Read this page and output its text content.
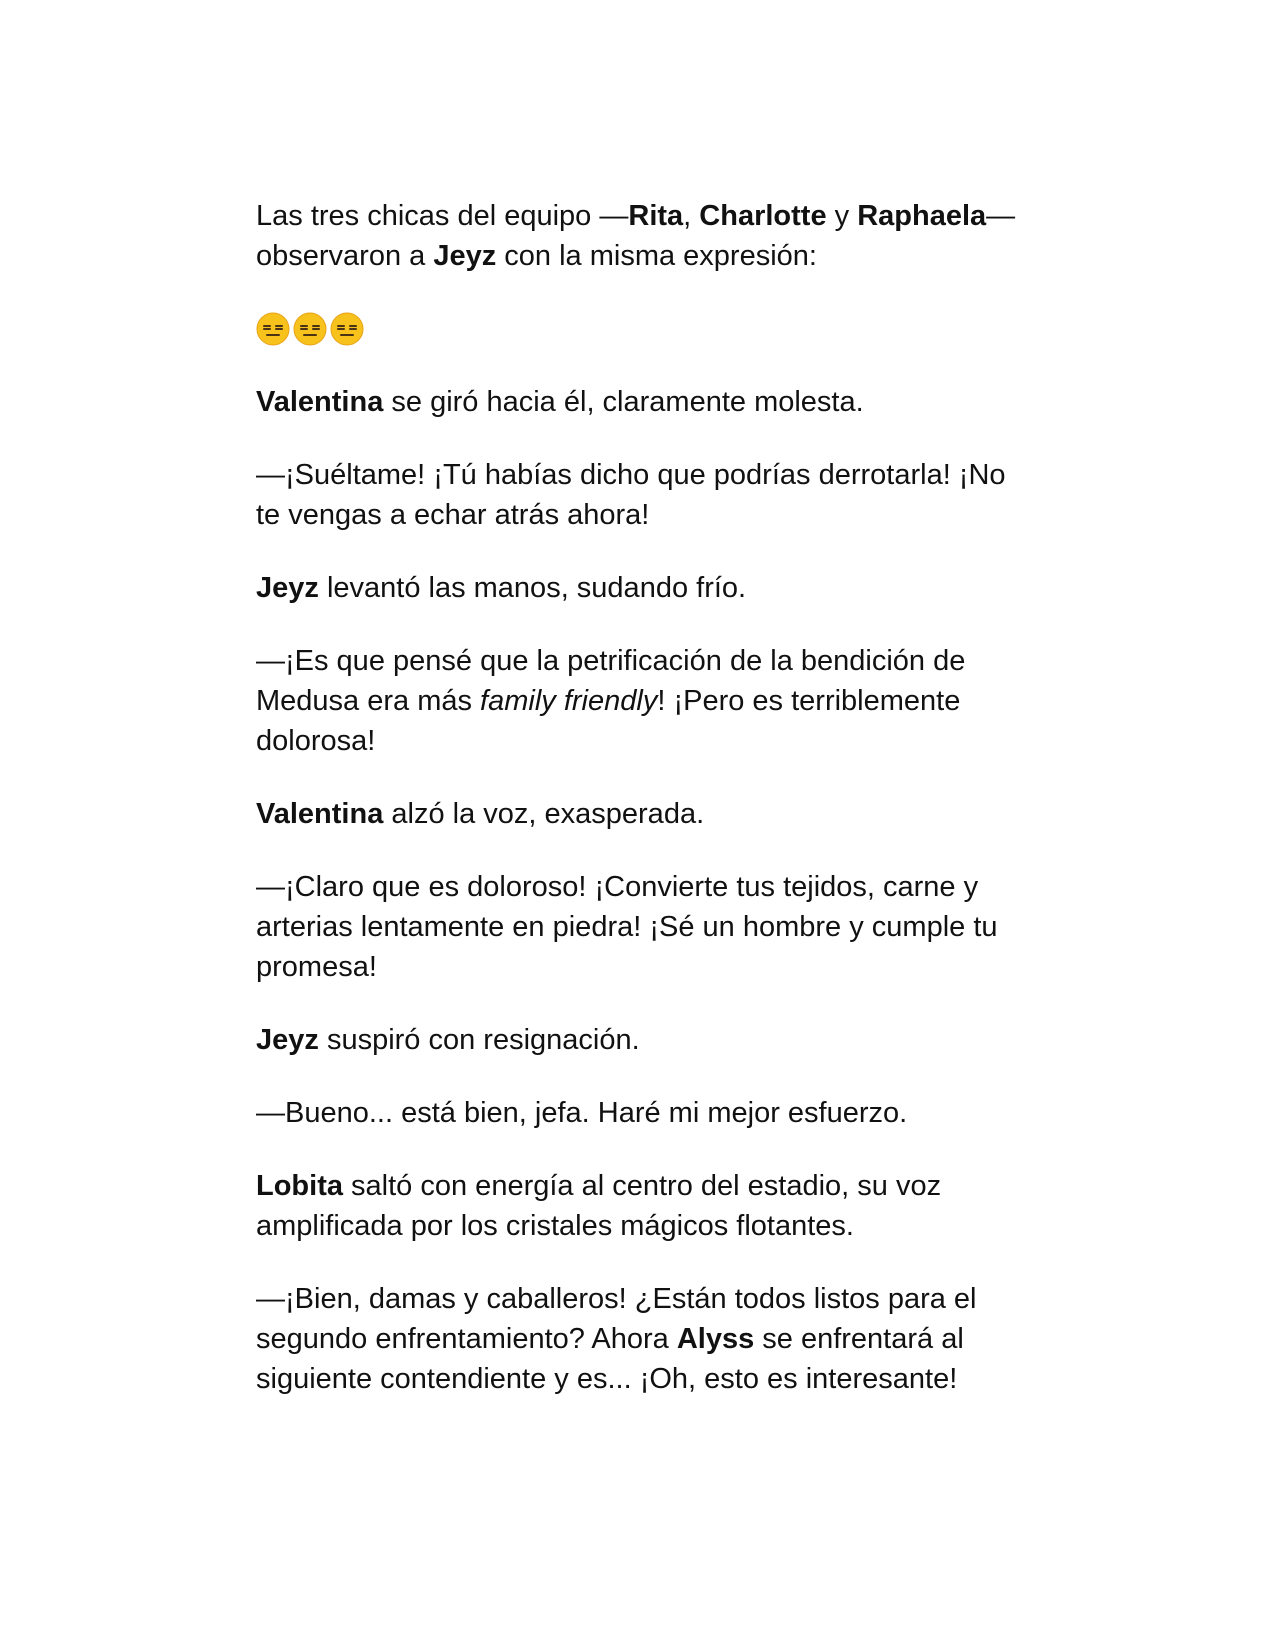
Las tres chicas del equipo —Rita, Charlotte y Raphaela— observaron a Jeyz con la misma expresión:

Valentina se giró hacia él, claramente molesta.

—¡Suéltame! ¡Tú habías dicho que podrías derrotarla! ¡No te vengas a echar atrás ahora!

Jeyz levantó las manos, sudando frío.

—¡Es que pensé que la petrificación de la bendición de Medusa era más family friendly! ¡Pero es terriblemente dolorosa!

Valentina alzó la voz, exasperada.

—¡Claro que es doloroso! ¡Convierte tus tejidos, carne y arterias lentamente en piedra! ¡Sé un hombre y cumple tu promesa!

Jeyz suspiró con resignación.

—Bueno... está bien, jefa. Haré mi mejor esfuerzo.

Lobita saltó con energía al centro del estadio, su voz amplificada por los cristales mágicos flotantes.

—¡Bien, damas y caballeros! ¿Están todos listos para el segundo enfrentamiento? Ahora Alyss se enfrentará al siguiente contendiente y es... ¡Oh, esto es interesante!
